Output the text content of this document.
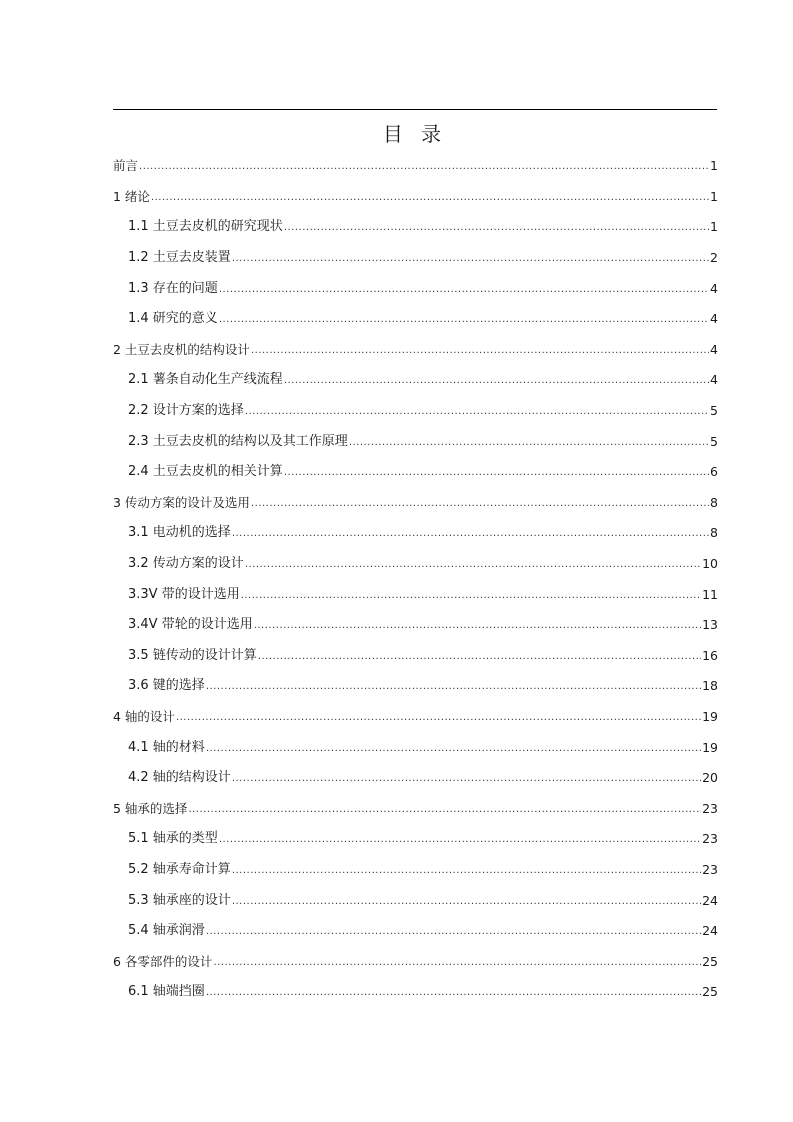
目 录
前言 .....	1
1 绪论 .....	1
1.1 土豆去皮机的研究现状 .....	1
1.2 土豆去皮装置 .....	2
1.3 存在的问题 .....	4
1.4 研究的意义 .....	4
2 土豆去皮机的结构设计 .....	4
2.1 薯条自动化生产线流程 .....	4
2.2 设计方案的选择 .....	5
2.3 土豆去皮机的结构以及其工作原理 .....	5
2.4 土豆去皮机的相关计算 .....	6
3 传动方案的设计及选用 .....	8
3.1 电动机的选择 .....	8
3.2 传动方案的设计 .....	10
3.3V 带的设计选用 .....	11
3.4V 带轮的设计选用 .....	13
3.5 链传动的设计计算 .....	16
3.6 键的选择 .....	18
4 轴的设计 .....	19
4.1 轴的材料 .....	19
4.2 轴的结构设计 .....	20
5 轴承的选择 .....	23
5.1 轴承的类型 .....	23
5.2 轴承寿命计算 .....	23
5.3 轴承座的设计 .....	24
5.4 轴承润滑 .....	24
6 各零部件的设计 .....	25
6.1 轴端挡圈 .....	25
